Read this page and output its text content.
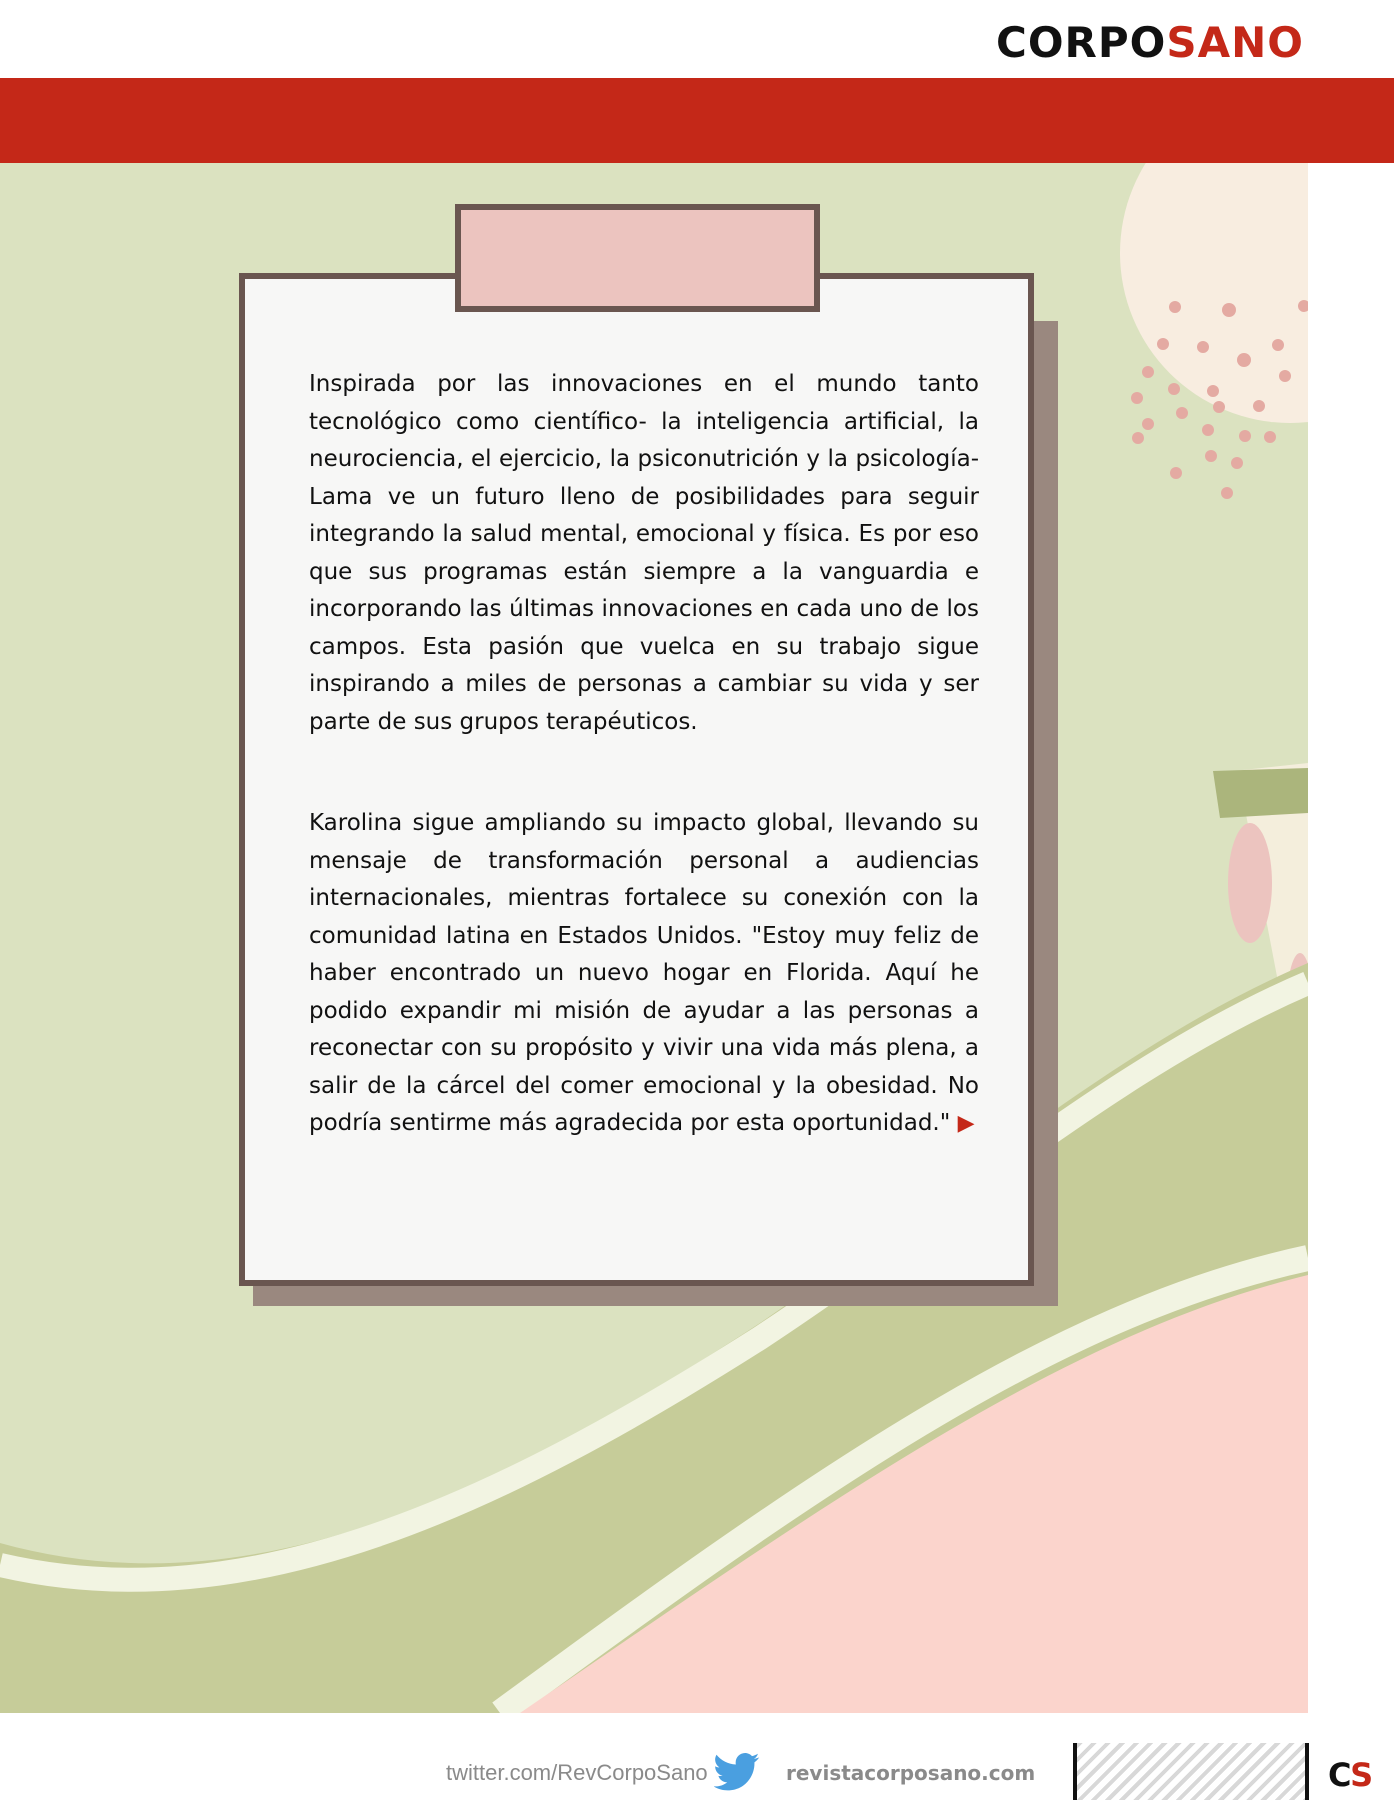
CORPOSANO

Inspirada por las innovaciones en el mundo tanto tecnológico como científico- la inteligencia artificial, la neurociencia, el ejercicio, la psiconutrición y la psicología- Lama ve un futuro lleno de posibilidades para seguir integrando la salud mental, emocional y física. Es por eso que sus programas están siempre a la vanguardia e incorporando las últimas innovaciones en cada uno de los campos. Esta pasión que vuelca en su trabajo sigue inspirando a miles de personas a cambiar su vida y ser parte de sus grupos terapéuticos.

Karolina sigue ampliando su impacto global, llevando su mensaje de transformación personal a audiencias internacionales, mientras fortalece su conexión con la comunidad latina en Estados Unidos. "Estoy muy feliz de haber encontrado un nuevo hogar en Florida. Aquí he podido expandir mi misión de ayudar a las personas a reconectar con su propósito y vivir una vida más plena, a salir de la cárcel del comer emocional y la obesidad. No podría sentirme más agradecida por esta oportunidad." ▶

twitter.com/RevCorpoSano	revistacorposano.com	CS
